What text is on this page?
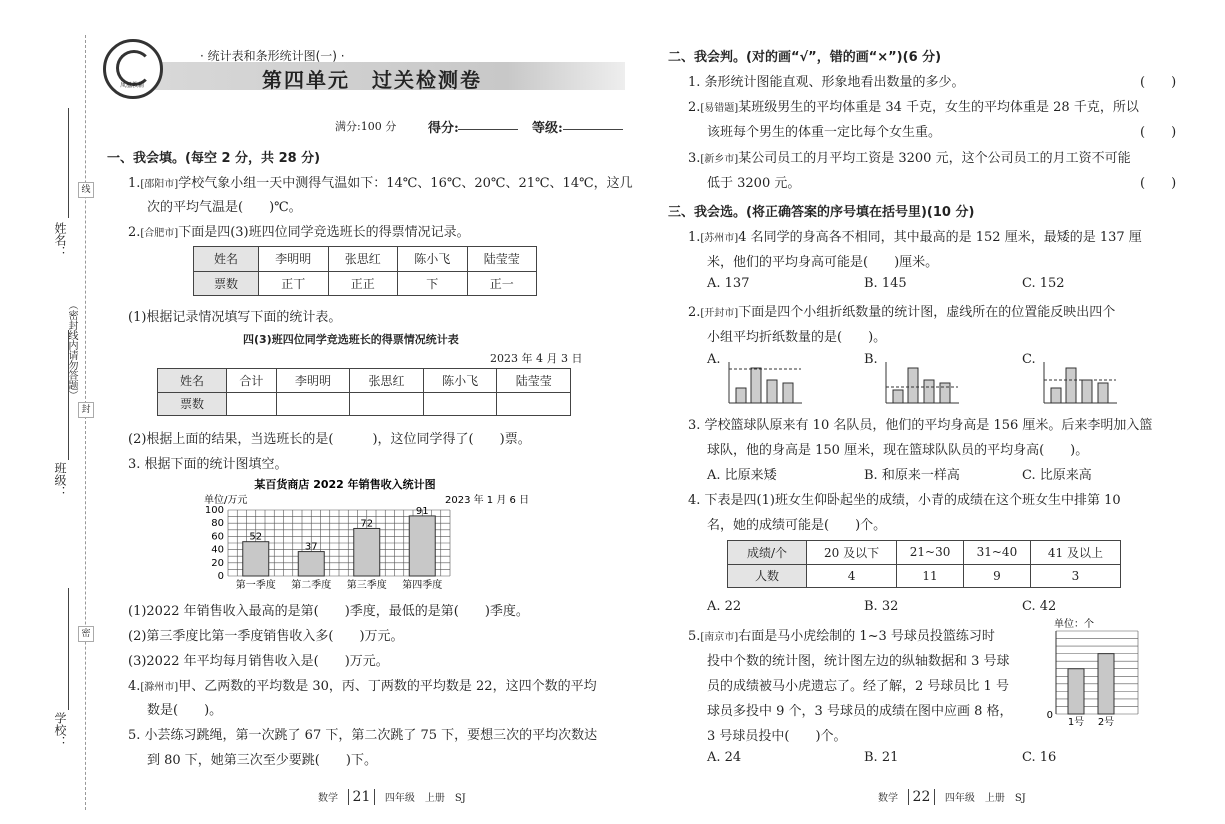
线
封
密
姓名：
（密封线内请勿答题）
班级：
学校：
凤凰教辅
· 统计表和条形统计图(一) ·
第四单元　过关检测卷
满分:100 分 得分:	等级:
一、我会填。(每空 2 分，共 28 分)
1.[邵阳市]学校气象小组一天中测得气温如下：14℃、16℃、20℃、21℃、14℃，这几
次的平均气温是(　　)℃。
2.[合肥市]下面是四(3)班四位同学竞选班长的得票情况记录。
姓名	李明明	张思红	陈小飞	陆莹莹
票数	正丅	正正	下	正一
(1)根据记录情况填写下面的统计表。
四(3)班四位同学竞选班长的得票情况统计表
2023 年 4 月 3 日
姓名	合计	李明明	张思红	陈小飞	陆莹莹
票数					
(2)根据上面的结果，当选班长的是(　　　)，这位同学得了(　　)票。
3. 根据下面的统计图填空。
某百货商店 2022 年销售收入统计图
单位/万元	2023 年 1 月 6 日
0
20
40
60
80
100
52
第一季度
37
第二季度
72
第三季度
91
第四季度
(1)2022 年销售收入最高的是第(　　)季度，最低的是第(　　)季度。
(2)第三季度比第一季度销售收入多(　　)万元。
(3)2022 年平均每月销售收入是(　　)万元。
4.[滁州市]甲、乙两数的平均数是 30，丙、丁两数的平均数是 22，这四个数的平均
数是(　　)。
5. 小芸练习跳绳，第一次跳了 67 下，第二次跳了 75 下，要想三次的平均次数达
到 80 下，她第三次至少要跳(　　)下。
数学 21 四年级　上册　SJ
二、我会判。(对的画“√”，错的画“×”)(6 分)
1. 条形统计图能直观、形象地看出数量的多少。	(　　)
2.[易错题]某班级男生的平均体重是 34 千克，女生的平均体重是 28 千克，所以
该班每个男生的体重一定比每个女生重。	(　　)
3.[新乡市]某公司员工的月平均工资是 3200 元，这个公司员工的月工资不可能
低于 3200 元。	(　　)
三、我会选。(将正确答案的序号填在括号里)(10 分)
1.[苏州市]4 名同学的身高各不相同，其中最高的是 152 厘米，最矮的是 137 厘
米，他们的平均身高可能是(　　)厘米。
A. 137	B. 145	C. 152
2.[开封市]下面是四个小组折纸数量的统计图，虚线所在的位置能反映出四个
小组平均折纸数量的是(　　)。
A.	B.	C.
3. 学校篮球队原来有 10 名队员，他们的平均身高是 156 厘米。后来李明加入篮
球队，他的身高是 150 厘米，现在篮球队队员的平均身高(　　)。
A. 比原来矮	B. 和原来一样高	C. 比原来高
4. 下表是四(1)班女生仰卧起坐的成绩，小青的成绩在这个班女生中排第 10
名，她的成绩可能是(　　)个。
成绩/个	20 及以下	21~30	31~40	41 及以上
人数	4	11	9	3
A. 22	B. 32	C. 42
5.[南京市]右面是马小虎绘制的 1~3 号球员投篮练习时
投中个数的统计图，统计图左边的纵轴数据和 3 号球
员的成绩被马小虎遗忘了。经了解，2 号球员比 1 号
球员多投中 9 个，3 号球员的成绩在图中应画 8 格，
3 号球员投中(　　)个。
单位：个
0
1号 2号
A. 24	B. 21	C. 16
数学 22 四年级　上册　SJ
